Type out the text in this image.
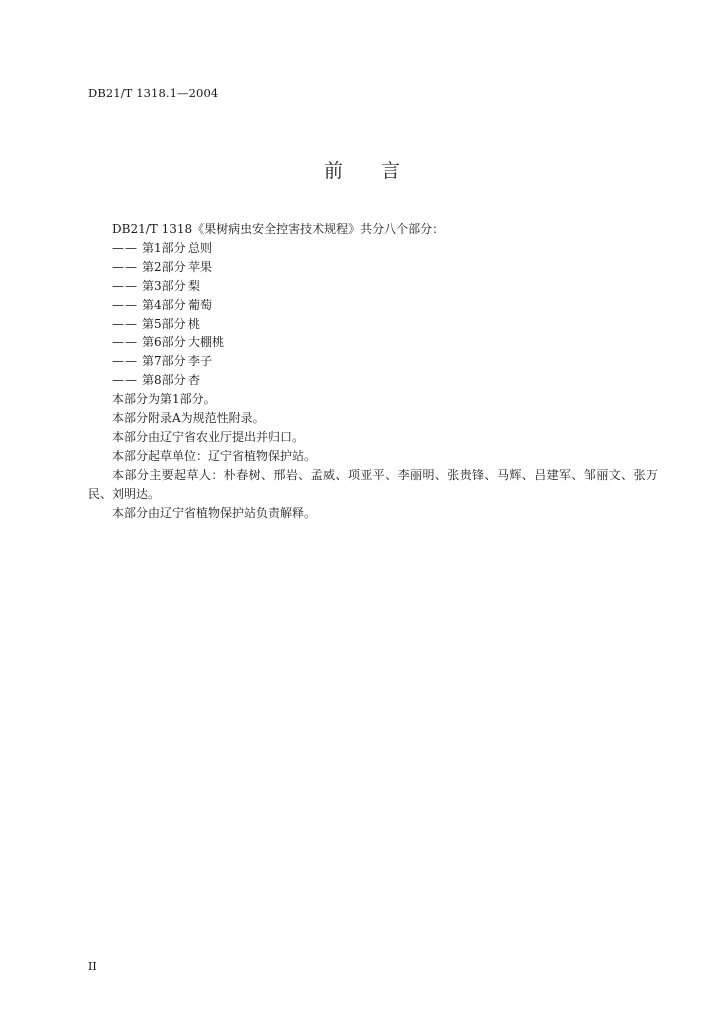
DB21/T 1318.1—2004
前 言
DB21/T 1318《果树病虫安全控害技术规程》共分八个部分：
—— 第1部分 总则
—— 第2部分 苹果
—— 第3部分 梨
—— 第4部分 葡萄
—— 第5部分 桃
—— 第6部分 大棚桃
—— 第7部分 李子
—— 第8部分 杏
本部分为第1部分。
本部分附录A为规范性附录。
本部分由辽宁省农业厅提出并归口。
本部分起草单位：辽宁省植物保护站。
本部分主要起草人：朴春树、邢岩、孟威、项亚平、李丽明、张贵锋、马辉、吕建军、邹丽文、张万民、刘明达。
本部分由辽宁省植物保护站负责解释。
II
